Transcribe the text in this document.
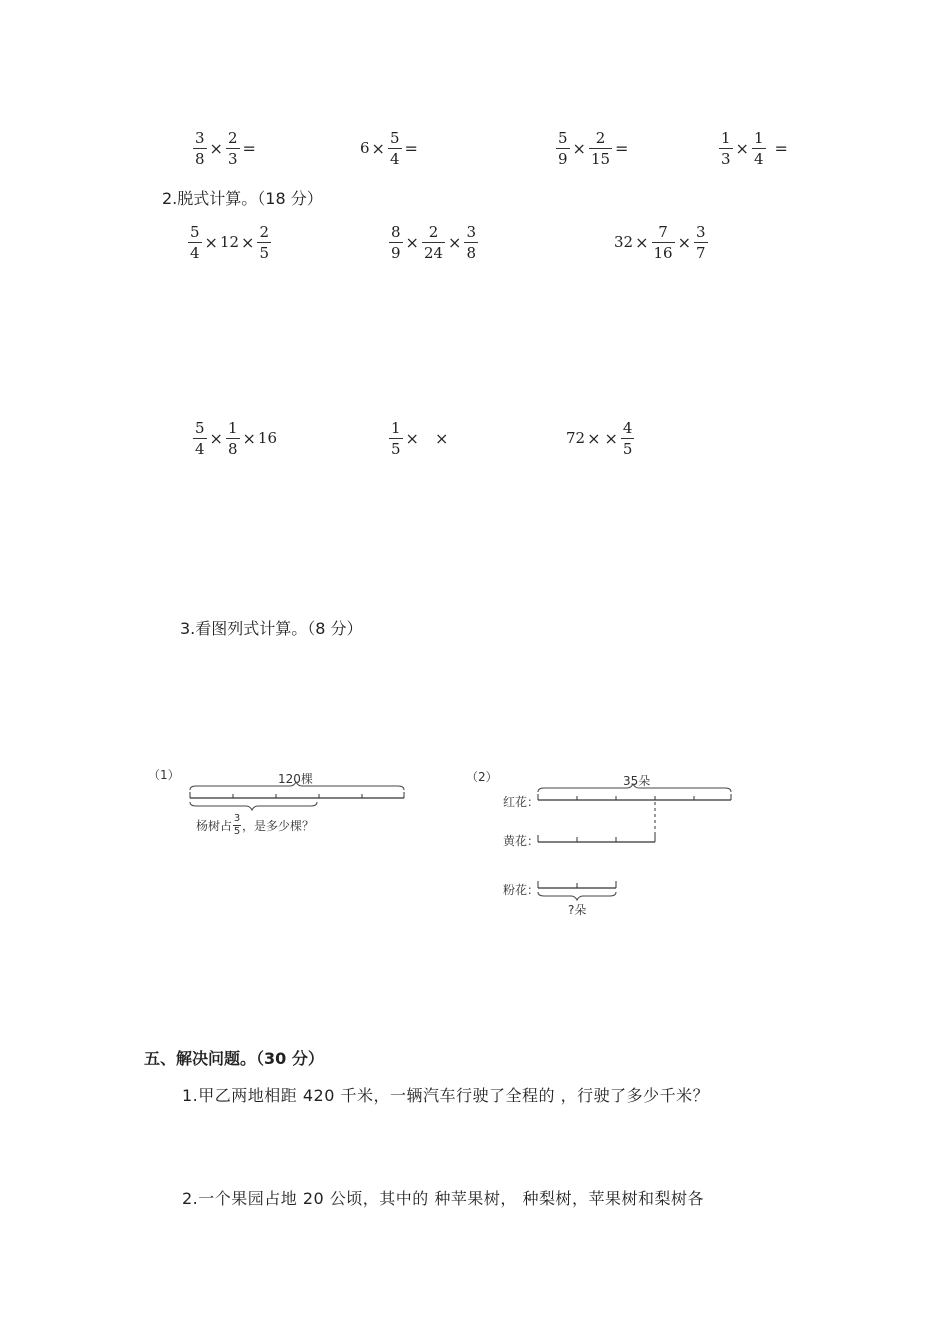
$\frac{3}{8} \times \frac{2}{3}$ =	$6 \times \frac{5}{4}$ =	$\frac{5}{9} \times \frac{2}{15}$ =	$\frac{1}{3} \times \frac{1}{4}$ =
2.脱式计算。（18 分）
$\frac{5}{4} \times 12 \times \frac{2}{5}$	$\frac{8}{9} \times \frac{2}{24} \times \frac{3}{8}$	$32 \times \frac{7}{16} \times \frac{3}{7}$
$\frac{5}{4} \times \frac{1}{8} \times 16$	$\frac{1}{5}$ × ×	72 × × $\frac{4}{5}$
3.看图列式计算。（8 分）
（1）	120棵
杨树占 $\frac{3}{5}$ ，是多少棵？
（2）	35朵
红花：
黄花：
粉花：
?朵
五、解决问题。（30 分）
1.甲乙两地相距 420 千米，一辆汽车行驶了全程的 ，行驶了多少千米？
2.一个果园占地 20 公顷，其中的 种苹果树， 种梨树，苹果树和梨树各
